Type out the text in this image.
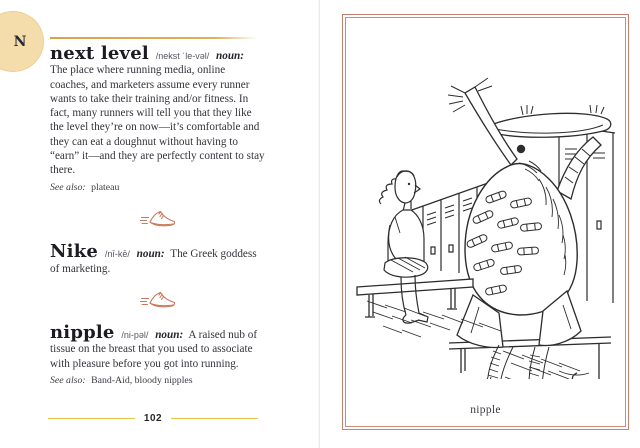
N

next level /nekst ˈle-vəl/ noun: The place where running media, online coaches, and marketers assume every runner wants to take their training and/or fitness. In fact, many runners will tell you that they like the level they’re on now—it’s comfortable and they can eat a doughnut without having to “earn” it—and they are perfectly content to stay there.

See also: plateau

Nike /nī-kē/ noun: The Greek goddess of marketing.

nipple /ni-pəl/ noun: A raised nub of tissue on the breast that you used to associate with pleasure before you got into running.

See also: Band-Aid, bloody nipples

102
nipple
